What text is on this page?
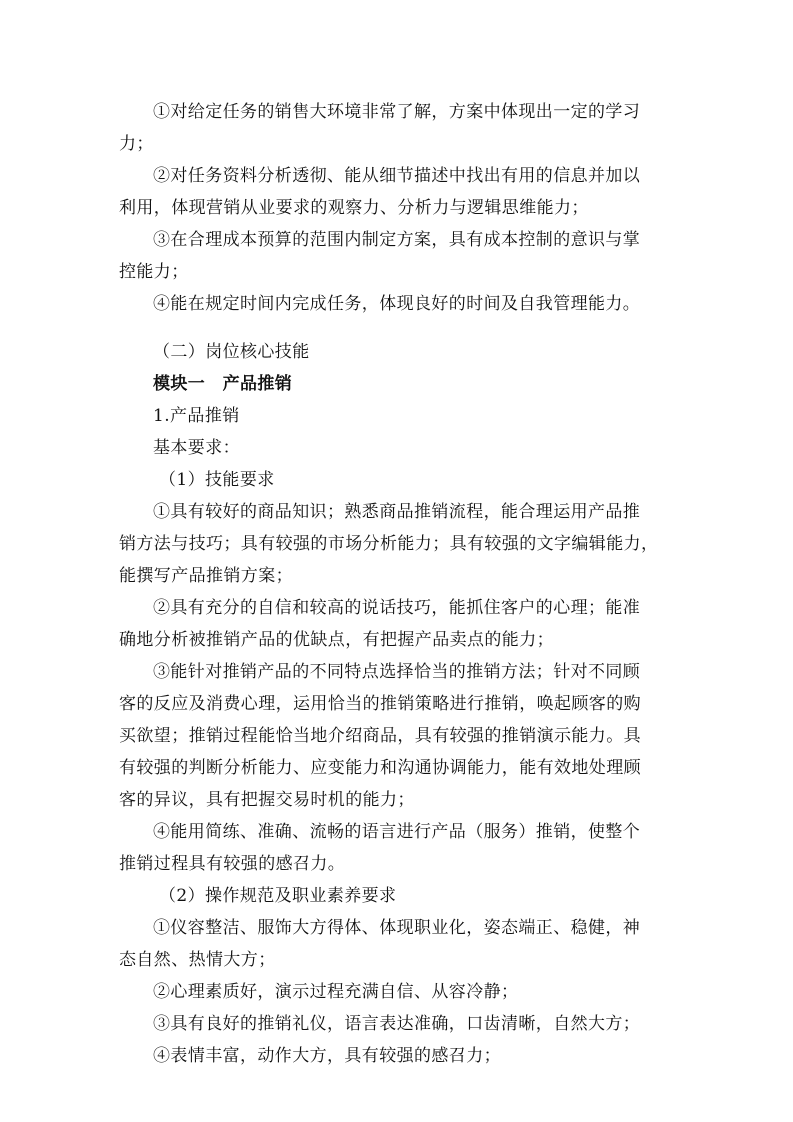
①对给定任务的销售大环境非常了解，方案中体现出一定的学习
力；
②对任务资料分析透彻、能从细节描述中找出有用的信息并加以
利用，体现营销从业要求的观察力、分析力与逻辑思维能力；
③在合理成本预算的范围内制定方案，具有成本控制的意识与掌
控能力；
④能在规定时间内完成任务，体现良好的时间及自我管理能力。
（二）岗位核心技能
模块一　产品推销
1.产品推销
基本要求：
（1）技能要求
①具有较好的商品知识；熟悉商品推销流程，能合理运用产品推
销方法与技巧；具有较强的市场分析能力；具有较强的文字编辑能力，
能撰写产品推销方案；
②具有充分的自信和较高的说话技巧，能抓住客户的心理；能准
确地分析被推销产品的优缺点，有把握产品卖点的能力；
③能针对推销产品的不同特点选择恰当的推销方法；针对不同顾
客的反应及消费心理，运用恰当的推销策略进行推销，唤起顾客的购
买欲望；推销过程能恰当地介绍商品，具有较强的推销演示能力。具
有较强的判断分析能力、应变能力和沟通协调能力，能有效地处理顾
客的异议，具有把握交易时机的能力；
④能用简练、准确、流畅的语言进行产品（服务）推销，使整个
推销过程具有较强的感召力。
（2）操作规范及职业素养要求
①仪容整洁、服饰大方得体、体现职业化，姿态端正、稳健，神
态自然、热情大方；
②心理素质好，演示过程充满自信、从容冷静；
③具有良好的推销礼仪，语言表达准确，口齿清晰，自然大方；
④表情丰富，动作大方，具有较强的感召力；
